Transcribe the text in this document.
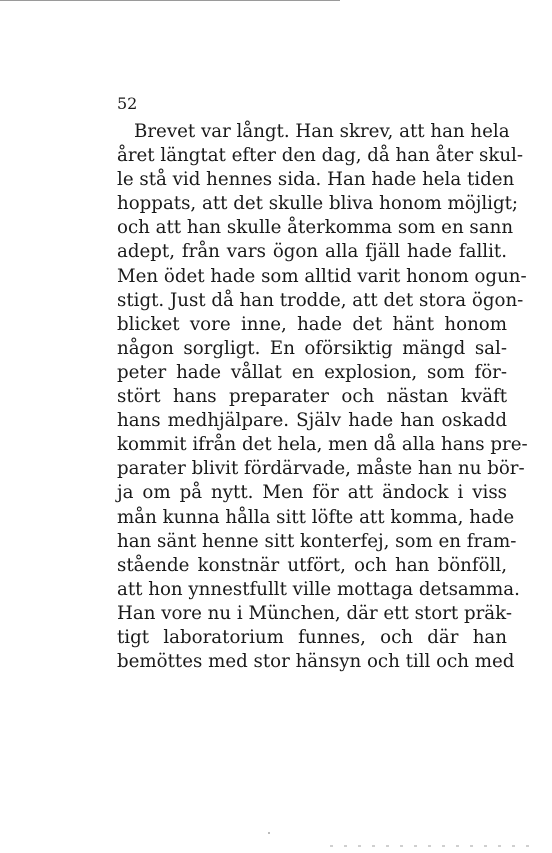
52
Brevet var långt. Han skrev, att han hela
året längtat efter den dag, då han åter skul-
le stå vid hennes sida. Han hade hela tiden
hoppats, att det skulle bliva honom möjligt;
och att han skulle återkomma som en sann
adept, från vars ögon alla fjäll hade fallit.
Men ödet hade som alltid varit honom ogun-
stigt. Just då han trodde, att det stora ögon-
blicket vore inne, hade det hänt honom
någon sorgligt. En oförsiktig mängd sal-
peter hade vållat en explosion, som för-
stört hans preparater och nästan kväft
hans medhjälpare. Själv hade han oskadd
kommit ifrån det hela, men då alla hans pre-
parater blivit fördärvade, måste han nu bör-
ja om på nytt. Men för att ändock i viss
mån kunna hålla sitt löfte att komma, hade
han sänt henne sitt konterfej, som en fram-
stående konstnär utfört, och han bönföll,
att hon ynnestfullt ville mottaga detsamma.
Han vore nu i München, där ett stort präk-
tigt laboratorium funnes, och där han
bemöttes med stor hänsyn och till och med
